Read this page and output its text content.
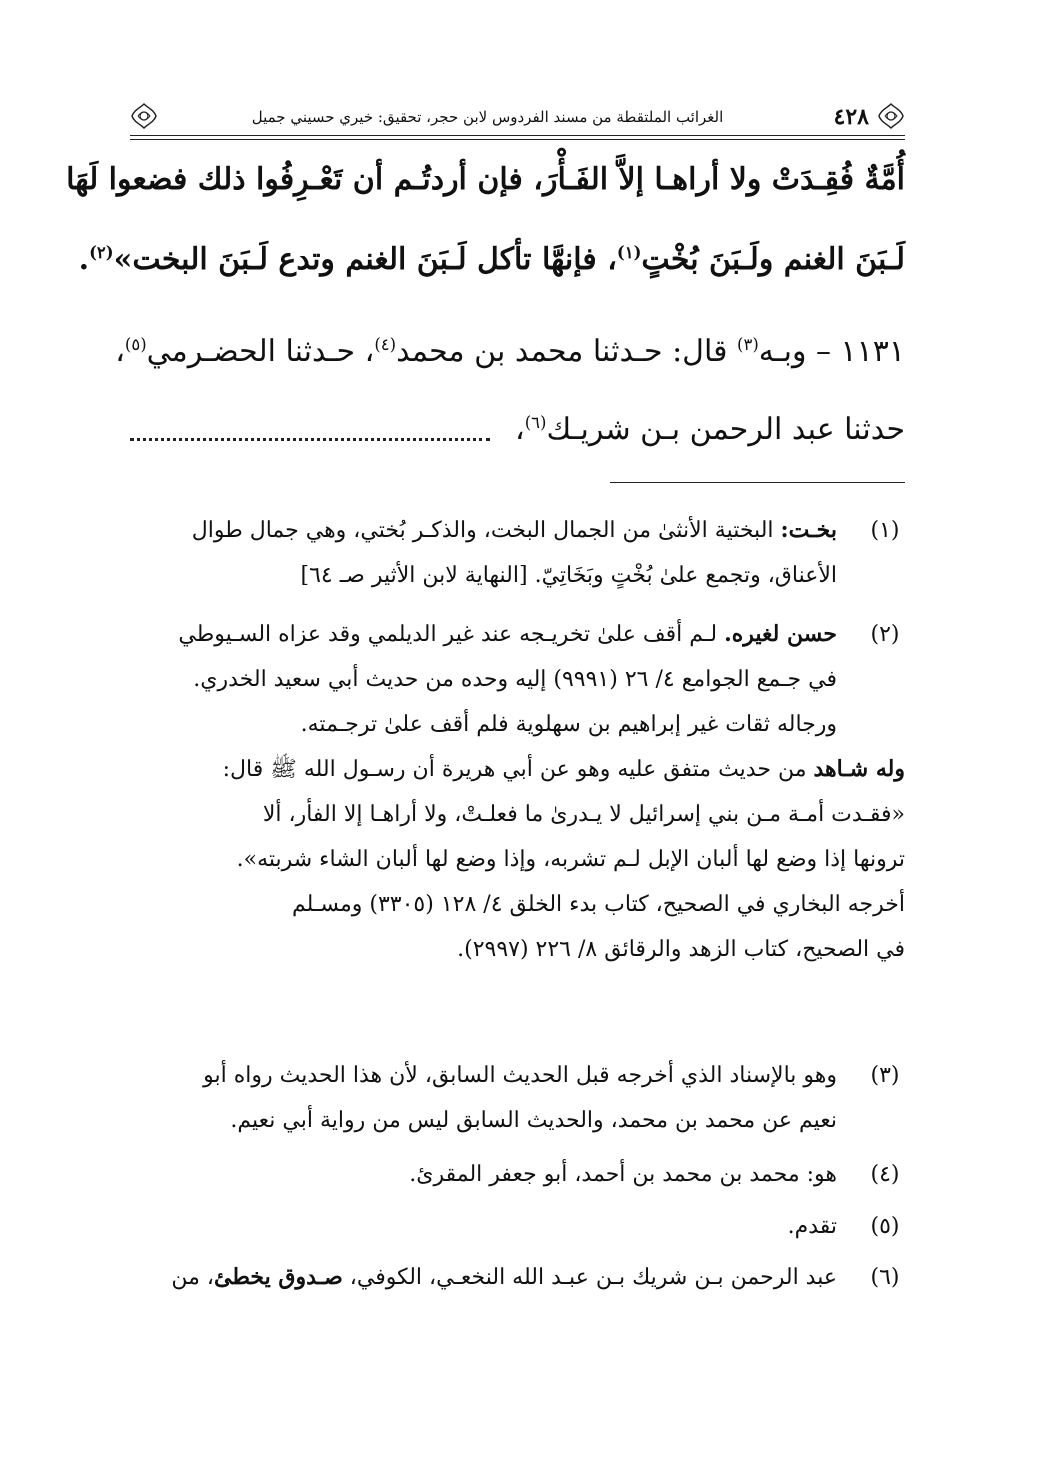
٤٢٨
الغرائب الملتقطة من مسند الفردوس لابن حجر، تحقيق: خيري حسيني جميل
أُمَّةٌ فُقِـدَتْ ولا أراهـا إلاَّ الفَـأْرَ، فإن أردتُـم أن تَعْـرِفُوا ذلك فضعوا لَهَا
لَـبَنَ الغنم ولَـبَنَ بُخْتٍ$^{(١)}$، فإنهَّا تأكل لَـبَنَ الغنم وتدع لَـبَنَ البخت»$^{(٢)}$.
١١٣١ – وبـه$^{(٣)}$ قال: حـدثنا محمد بن محمد$^{(٤)}$، حـدثنا الحضـرمي$^{(٥)}$،
حدثنا عبد الرحمن بـن شريـك$^{(٦)}$،
(١)
بخـت: البختية الأنثىٰ من الجمال البخت، والذكـر بُختي، وهي جمال طوال
الأعناق، وتجمع علىٰ بُخْتٍ وبَخَاتِيّ. [النهاية لابن الأثير صـ ٦٤]
(٢)
حسن لغيره. لـم أقف علىٰ تخريـجه عند غير الديلمي وقد عزاه السـيوطي
في جـمع الجوامع ٤/ ٢٦ (٩٩٩١) إليه وحده من حديث أبي سعيد الخدري.
ورجاله ثقات غير إبراهيم بن سهلوية فلم أقف علىٰ ترجـمته.
وله شـاهد من حديث متفق عليه وهو عن أبي هريرة أن رسـول الله ﷺ قال:
«فقـدت أمـة مـن بني إسرائيل لا يـدرىٰ ما فعلـتْ، ولا أراهـا إلا الفأر، ألا
ترونها إذا وضع لها ألبان الإبل لـم تشربه، وإذا وضع لها ألبان الشاء شربته».
أخرجه البخاري في الصحيح، كتاب بدء الخلق ٤/ ١٢٨ (٣٣٠٥) ومسـلم
في الصحيح، كتاب الزهد والرقائق ٨/ ٢٢٦ (٢٩٩٧).
(٣)
وهو بالإسناد الذي أخرجه قبل الحديث السابق، لأن هذا الحديث رواه أبو
نعيم عن محمد بن محمد، والحديث السابق ليس من رواية أبي نعيم.
(٤)
هو: محمد بن محمد بن أحمد، أبو جعفر المقرئ.
(٥)
تقدم.
(٦)
عبد الرحمن بـن شريك بـن عبـد الله النخعـي، الكوفي، صـدوق يخطئ، من
